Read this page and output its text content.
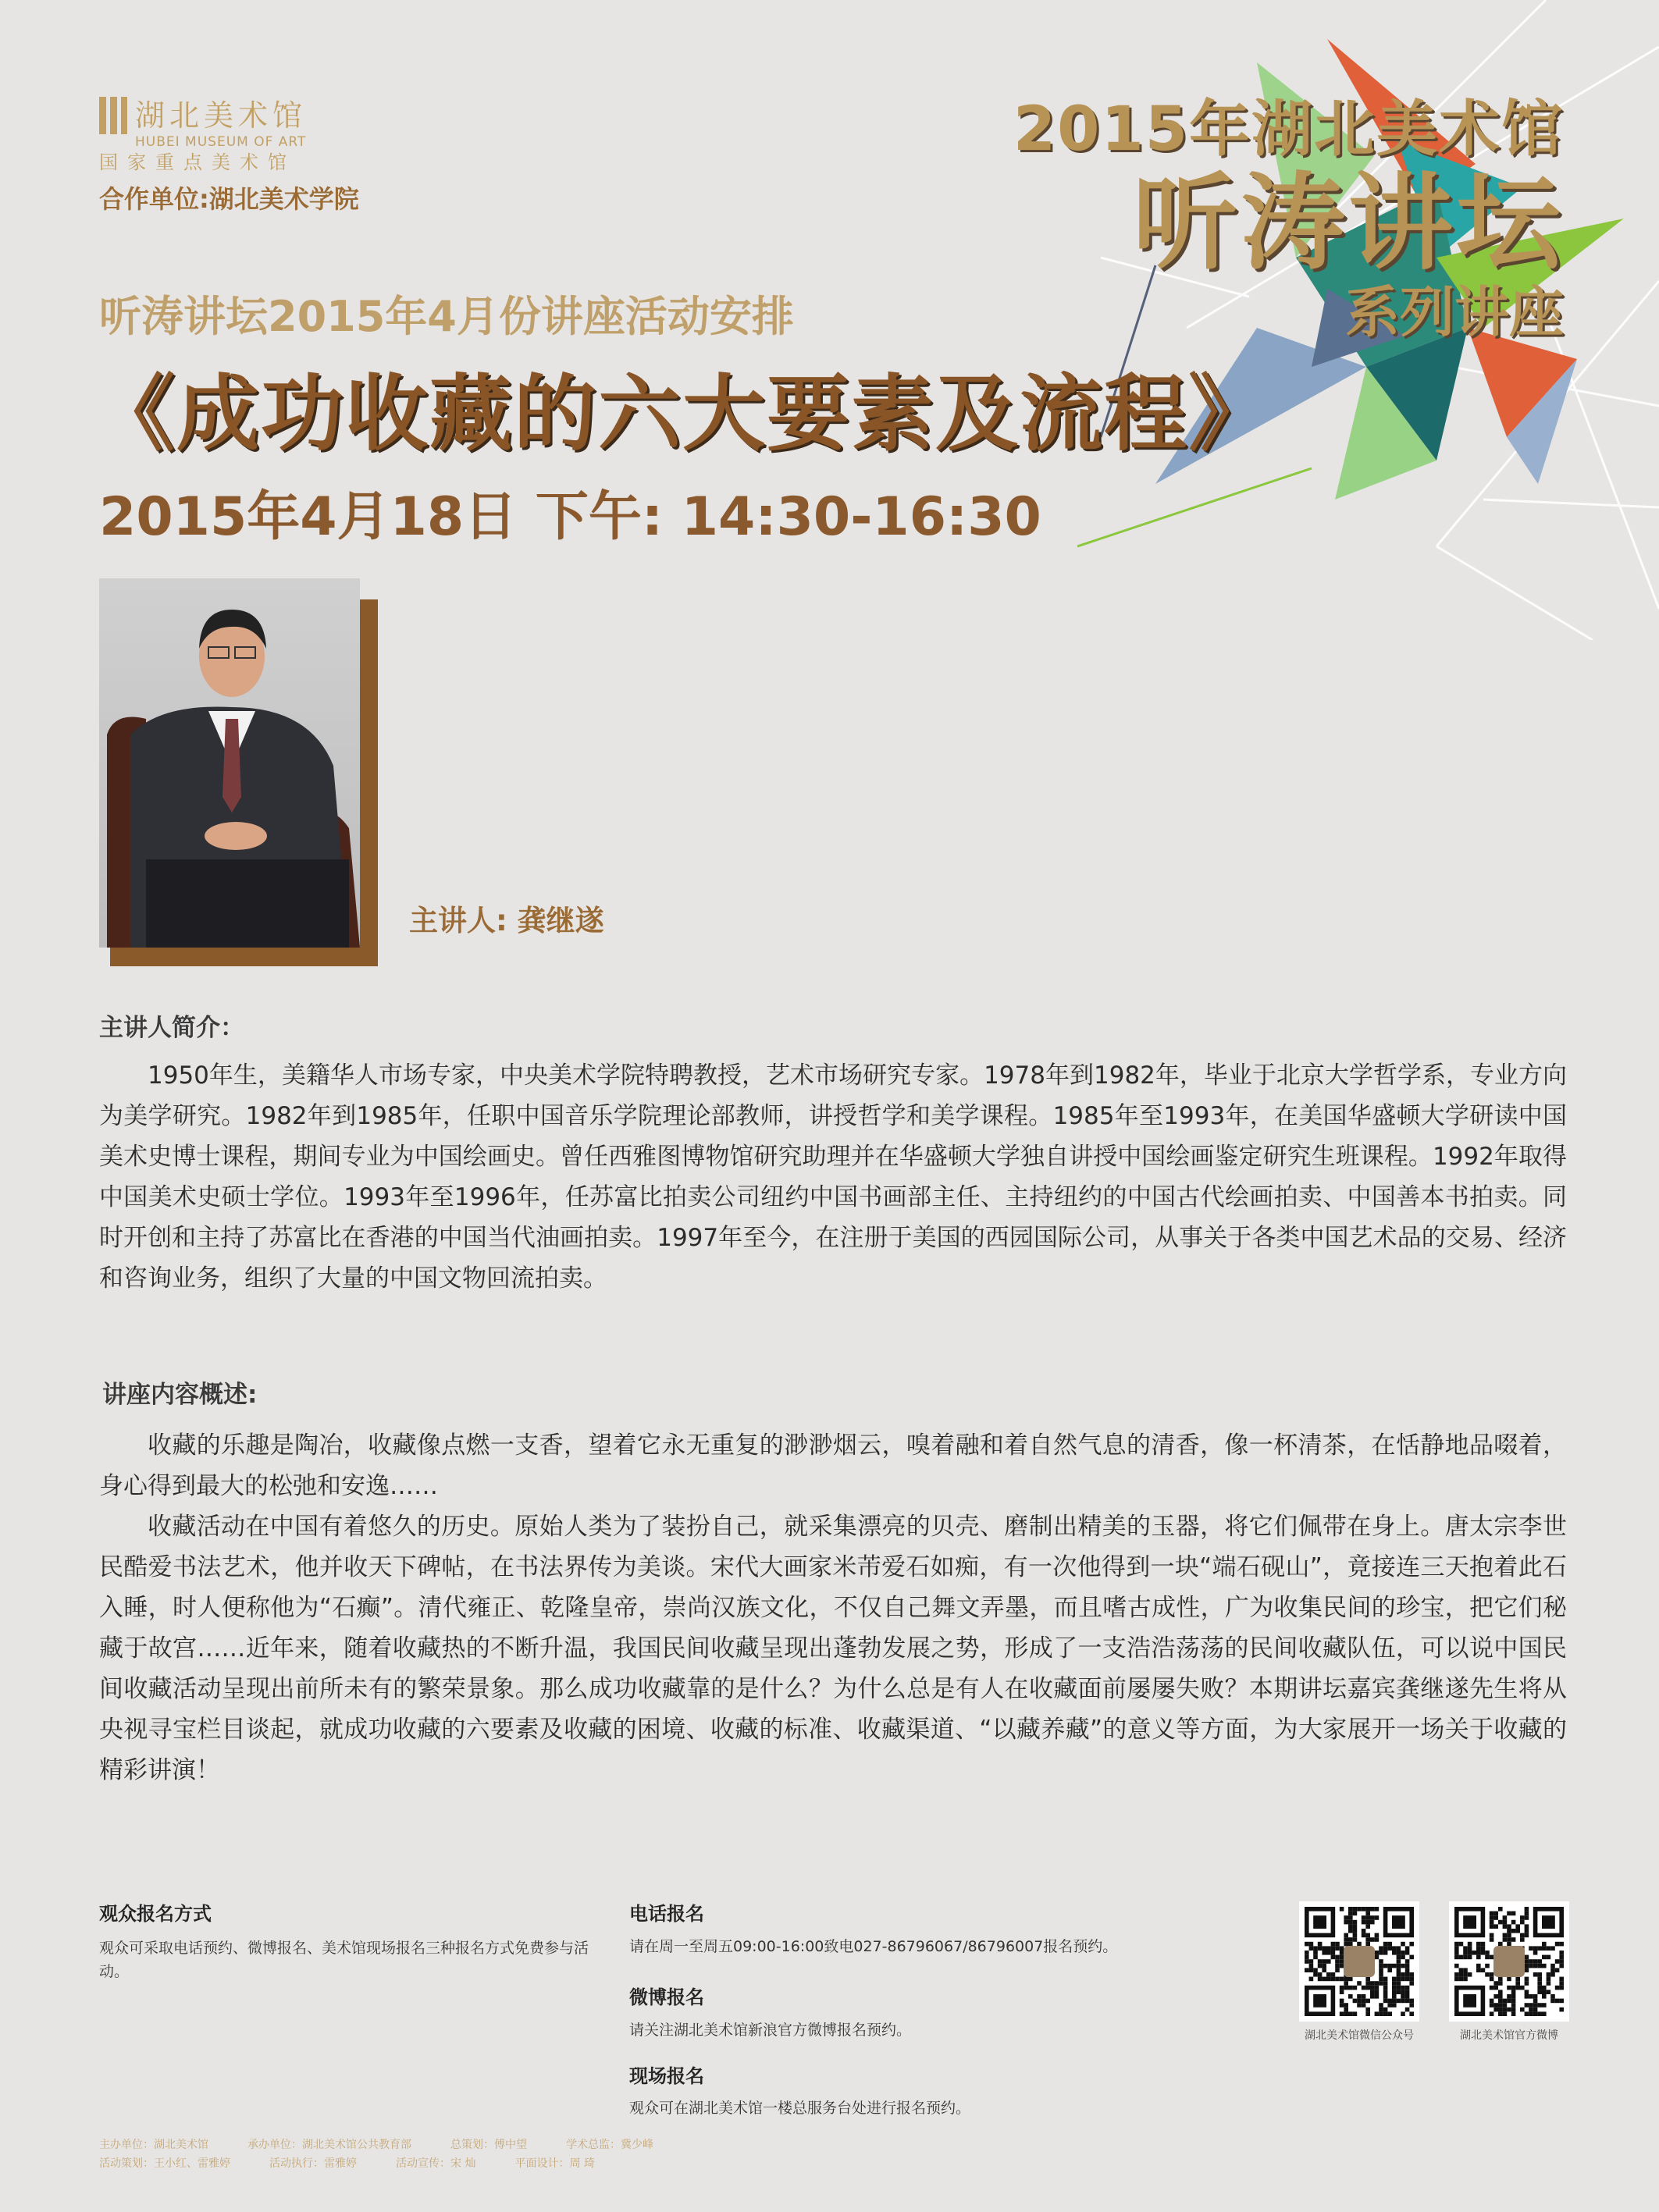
湖北美术馆
HUBEI MUSEUM OF ART
国家重点美术馆
合作单位:湖北美术学院
2015年湖北美术馆
听涛讲坛
系列讲座
听涛讲坛2015年4月份讲座活动安排
《成功收藏的六大要素及流程》
2015年4月18日 下午: 14:30-16:30
主讲人: 龚继遂
主讲人简介：

1950年生，美籍华人市场专家，中央美术学院特聘教授，艺术市场研究专家。1978年到1982年，毕业于北京大学哲学系，专业方向为美学研究。1982年到1985年，任职中国音乐学院理论部教师，讲授哲学和美学课程。1985年至1993年，在美国华盛顿大学研读中国美术史博士课程，期间专业为中国绘画史。曾任西雅图博物馆研究助理并在华盛顿大学独自讲授中国绘画鉴定研究生班课程。1992年取得中国美术史硕士学位。1993年至1996年，任苏富比拍卖公司纽约中国书画部主任、主持纽约的中国古代绘画拍卖、中国善本书拍卖。同时开创和主持了苏富比在香港的中国当代油画拍卖。1997年至今，在注册于美国的西园国际公司，从事关于各类中国艺术品的交易、经济和咨询业务，组织了大量的中国文物回流拍卖。

讲座内容概述:

收藏的乐趣是陶冶，收藏像点燃一支香，望着它永无重复的渺渺烟云，嗅着融和着自然气息的清香，像一杯清茶，在恬静地品啜着，身心得到最大的松弛和安逸……

收藏活动在中国有着悠久的历史。原始人类为了装扮自己，就采集漂亮的贝壳、磨制出精美的玉器，将它们佩带在身上。唐太宗李世民酷爱书法艺术，他并收天下碑帖，在书法界传为美谈。宋代大画家米芾爱石如痴，有一次他得到一块“端石砚山”，竟接连三天抱着此石入睡，时人便称他为“石癫”。清代雍正、乾隆皇帝，崇尚汉族文化，不仅自己舞文弄墨，而且嗜古成性，广为收集民间的珍宝，把它们秘藏于故宫……近年来，随着收藏热的不断升温，我国民间收藏呈现出蓬勃发展之势，形成了一支浩浩荡荡的民间收藏队伍，可以说中国民间收藏活动呈现出前所未有的繁荣景象。那么成功收藏靠的是什么？为什么总是有人在收藏面前屡屡失败？本期讲坛嘉宾龚继遂先生将从央视寻宝栏目谈起，就成功收藏的六要素及收藏的困境、收藏的标准、收藏渠道、“以藏养藏”的意义等方面，为大家展开一场关于收藏的精彩讲演！

观众报名方式
观众可采取电话预约、微博报名、美术馆现场报名三种报名方式免费参与活动。
电话报名
请在周一至周五09:00-16:00致电027-86796067/86796007报名预约。
微博报名
请关注湖北美术馆新浪官方微博报名预约。
现场报名
观众可在湖北美术馆一楼总服务台处进行报名预约。
湖北美术馆微信公众号	湖北美术馆官方微博
主办单位：湖北美术馆	承办单位：湖北美术馆公共教育部	总策划：傅中望	学术总监：冀少峰
活动策划：王小红、雷雅婷	活动执行：雷雅婷	活动宣传：宋 灿	平面设计：周 琦
